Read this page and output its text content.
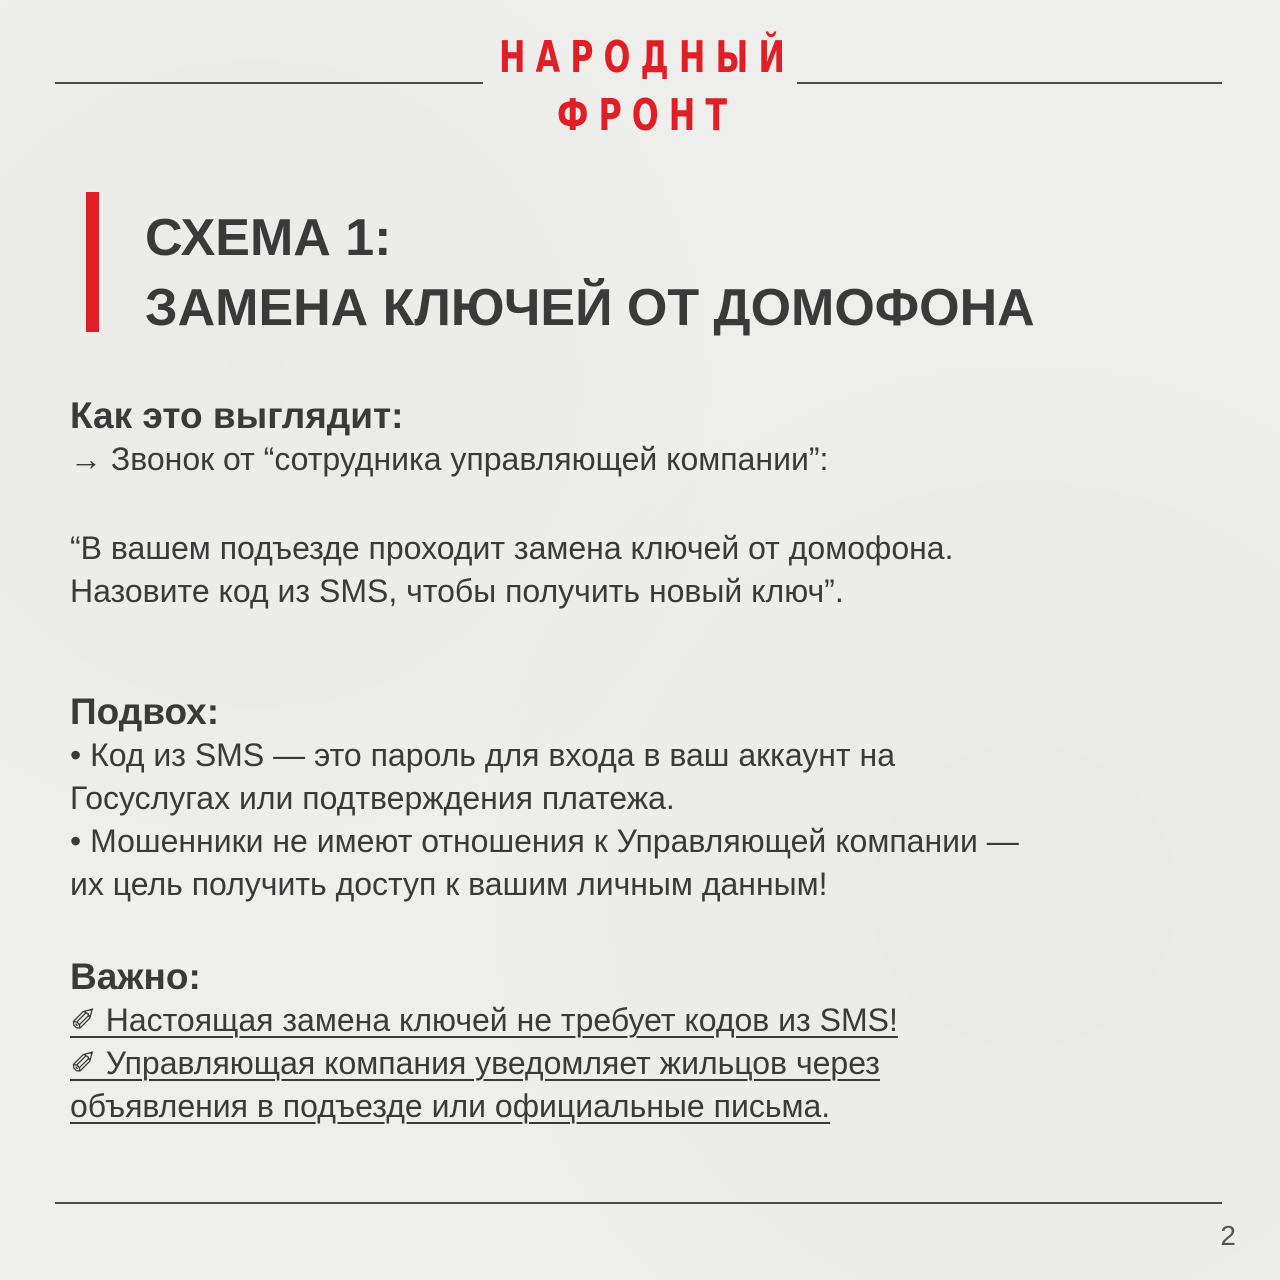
НАРОДНЫЙ
ФРОНТ
СХЕМА 1:
ЗАМЕНА КЛЮЧЕЙ ОТ ДОМОФОНА

Как это выглядит:

→ Звонок от “сотрудника управляющей компании”:

“В вашем подъезде проходит замена ключей от домофона.

Назовите код из SMS, чтобы получить новый ключ”.

Подвох:

• Код из SMS — это пароль для входа в ваш аккаунт на

Госуслугах или подтверждения платежа.

• Мошенники не имеют отношения к Управляющей компании —

их цель получить доступ к вашим личным данным!

Важно:

✐ Настоящая замена ключей не требует кодов из SMS!

✐ Управляющая компания уведомляет жильцов через

объявления в подъезде или официальные письма.

2
